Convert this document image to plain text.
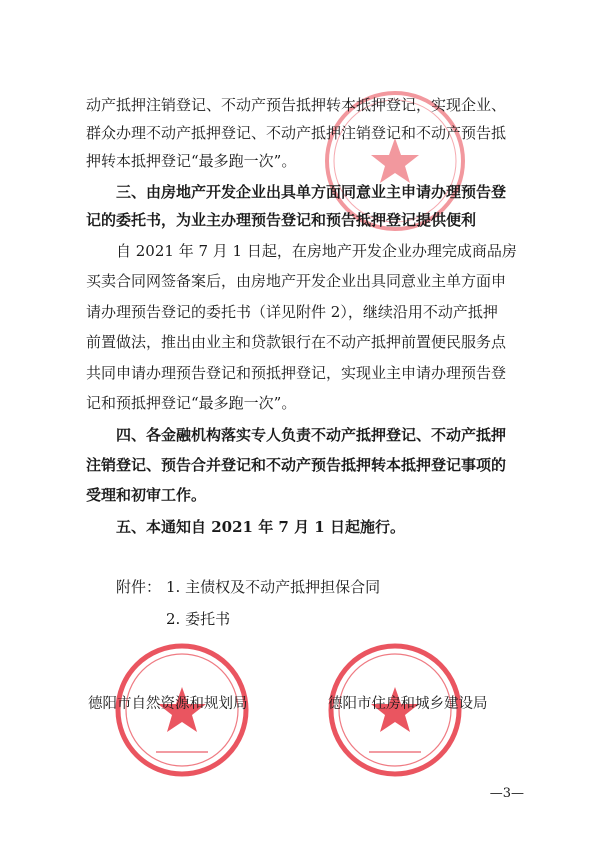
动产抵押注销登记、不动产预告抵押转本抵押登记，实现企业、
群众办理不动产抵押登记、不动产抵押注销登记和不动产预告抵
押转本抵押登记“最多跑一次”。
三、由房地产开发企业出具单方面同意业主申请办理预告登
记的委托书，为业主办理预告登记和预告抵押登记提供便利
自 2021 年 7 月 1 日起，在房地产开发企业办理完成商品房
买卖合同网签备案后，由房地产开发企业出具同意业主单方面申
请办理预告登记的委托书（详见附件 2），继续沿用不动产抵押
前置做法，推出由业主和贷款银行在不动产抵押前置便民服务点
共同申请办理预告登记和预抵押登记，实现业主申请办理预告登
记和预抵押登记“最多跑一次”。
四、各金融机构落实专人负责不动产抵押登记、不动产抵押
注销登记、预告合并登记和不动产预告抵押转本抵押登记事项的
受理和初审工作。
五、本通知自 2021 年 7 月 1 日起施行。
附件： 1. 主债权及不动产抵押担保合同
2. 委托书
德阳市自然资源和规划局	德阳市住房和城乡建设局
—3—
